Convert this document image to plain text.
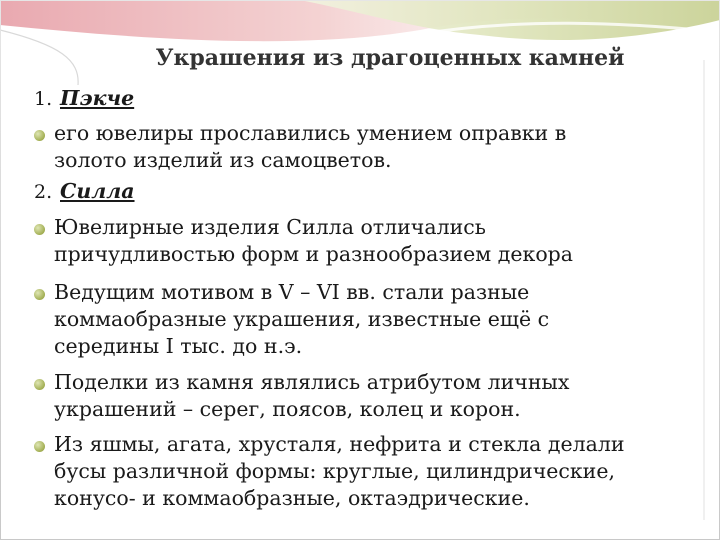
Украшения из драгоценных камней
1. Пэкче
его ювелиры прославились умением оправки в
золото изделий из самоцветов.
2. Силла
Ювелирные изделия Силла отличались
причудливостью форм и разнообразием декора
Ведущим мотивом в V – VI вв. стали разные
коммаобразные украшения, известные ещё с
середины I тыс. до н.э.
Поделки из камня являлись атрибутом личных
украшений – серег, поясов, колец и корон.
Из яшмы, агата, хрусталя, нефрита и стекла делали
бусы различной формы: круглые, цилиндрические,
конусо- и коммаобразные, октаэдрические.
